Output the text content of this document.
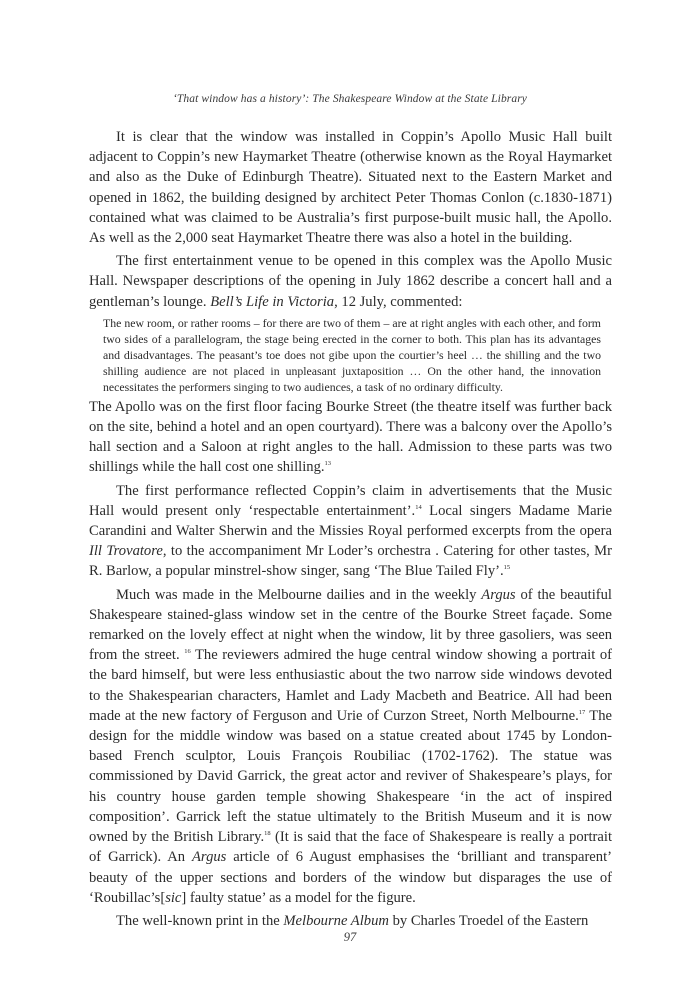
‘That window has a history’: The Shakespeare Window at the State Library

It is clear that the window was installed in Coppin’s Apollo Music Hall built adjacent to Coppin’s new Haymarket Theatre (otherwise known as the Royal Haymarket and also as the Duke of Edinburgh Theatre). Situated next to the Eastern Market and opened in 1862, the building designed by architect Peter Thomas Conlon (c.1830-1871) contained what was claimed to be Australia’s first purpose-built music hall, the Apollo. As well as the 2,000 seat Haymarket Theatre there was also a hotel in the building.

The first entertainment venue to be opened in this complex was the Apollo Music Hall. Newspaper descriptions of the opening in July 1862 describe a concert hall and a gentleman’s lounge. Bell’s Life in Victoria, 12 July, commented:

The new room, or rather rooms – for there are two of them – are at right angles with each other, and form two sides of a parallelogram, the stage being erected in the corner to both. This plan has its advantages and disadvantages. The peasant’s toe does not gibe upon the courtier’s heel … the shilling and the two shilling audience are not placed in unpleasant juxtaposition … On the other hand, the innovation necessitates the performers singing to two audiences, a task of no ordinary difficulty.

The Apollo was on the first floor facing Bourke Street (the theatre itself was further back on the site, behind a hotel and an open courtyard). There was a balcony over the Apollo’s hall section and a Saloon at right angles to the hall. Admission to these parts was two shillings while the hall cost one shilling.$^{13}$

The first performance reflected Coppin’s claim in advertisements that the Music Hall would present only ‘respectable entertainment’.$^{14}$ Local singers Madame Marie Carandini and Walter Sherwin and the Missies Royal performed excerpts from the opera Ill Trovatore, to the accompaniment Mr Loder’s orchestra . Catering for other tastes, Mr R. Barlow, a popular minstrel-show singer, sang ‘The Blue Tailed Fly’.$^{15}$

Much was made in the Melbourne dailies and in the weekly Argus of the beautiful Shakespeare stained-glass window set in the centre of the Bourke Street façade. Some remarked on the lovely effect at night when the window, lit by three gasoliers, was seen from the street. $^{16}$ The reviewers admired the huge central window showing a portrait of the bard himself, but were less enthusiastic about the two narrow side windows devoted to the Shakespearian characters, Hamlet and Lady Macbeth and Beatrice. All had been made at the new factory of Ferguson and Urie of Curzon Street, North Melbourne.$^{17}$ The design for the middle window was based on a statue created about 1745 by London-based French sculptor, Louis François Roubiliac (1702-1762). The statue was commissioned by David Garrick, the great actor and reviver of Shakespeare’s plays, for his country house garden temple showing Shakespeare ‘in the act of inspired composition’. Garrick left the statue ultimately to the British Museum and it is now owned by the British Library.$^{18}$ (It is said that the face of Shakespeare is really a portrait of Garrick). An Argus article of 6 August emphasises the ‘brilliant and transparent’ beauty of the upper sections and borders of the window but disparages the use of ‘Roubillac’s[sic] faulty statue’ as a model for the figure.

The well-known print in the Melbourne Album by Charles Troedel of the Eastern

97
